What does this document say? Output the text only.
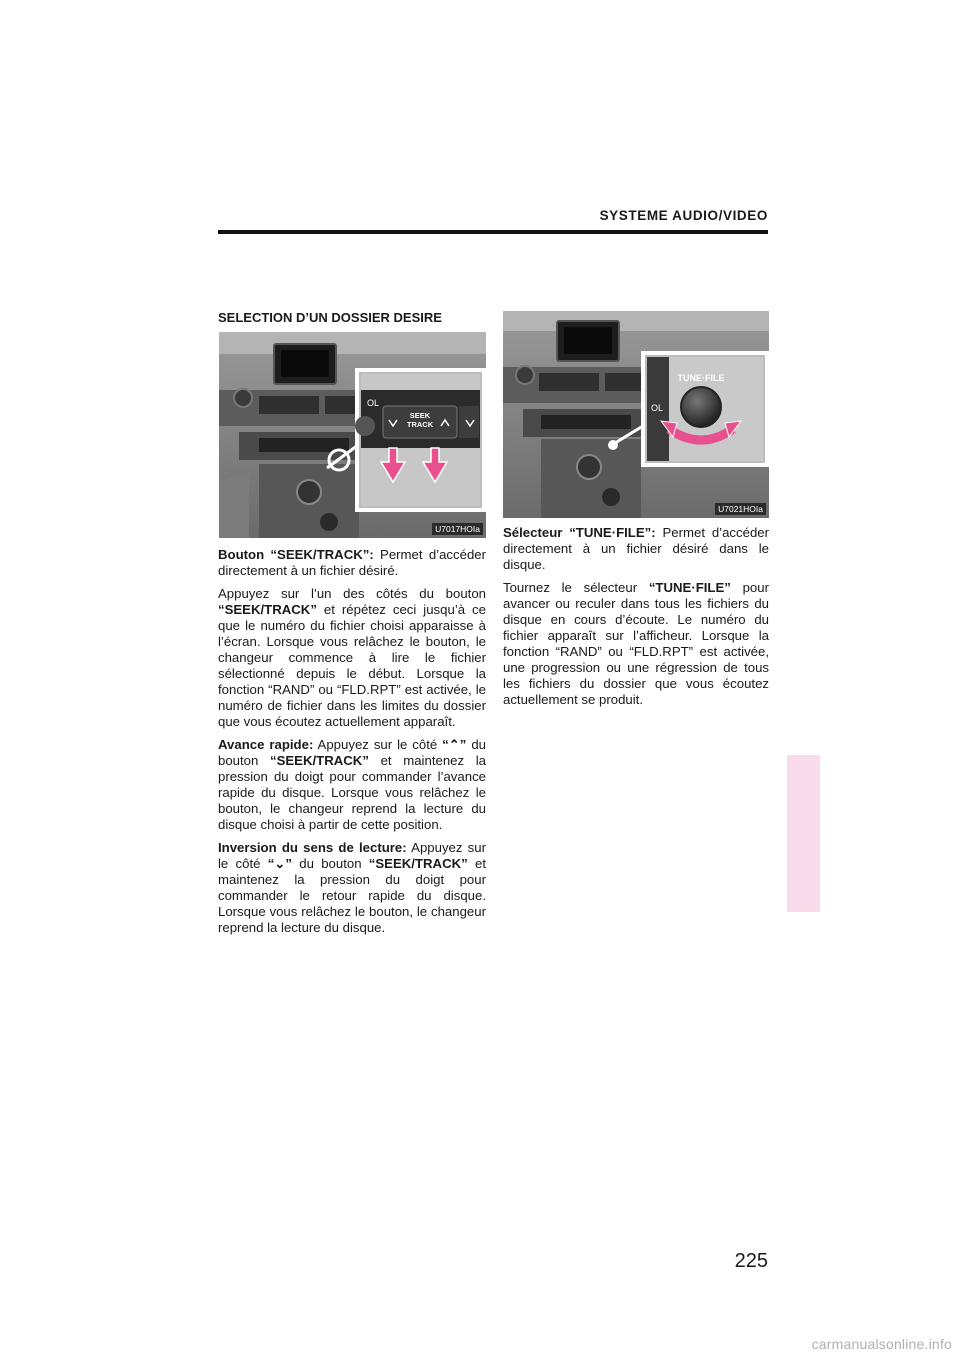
SYSTEME AUDIO/VIDEO
SELECTION D’UN DOSSIER DESIRE
OL
SEEK
TRACK
U7017HOIa
OL
TUNE·FILE
U7021HOIa

Bouton “SEEK/TRACK”: Permet d’accéder directement à un fichier désiré.

Appuyez sur l’un des côtés du bouton “SEEK/TRACK” et répétez ceci jusqu’à ce que le numéro du fichier choisi apparaisse à l’écran. Lorsque vous relâchez le bouton, le changeur commence à lire le fichier sélectionné depuis le début. Lorsque la fonction “RAND” ou “FLD.RPT” est activée, le numéro de fichier dans les limites du dossier que vous écoutez actuellement apparaît.

Avance rapide: Appuyez sur le côté “⌃” du bouton “SEEK/TRACK” et maintenez la pression du doigt pour commander l’avance rapide du disque. Lorsque vous relâchez le bouton, le changeur reprend la lecture du disque choisi à partir de cette position.

Inversion du sens de lecture: Appuyez sur le côté “⌄” du bouton “SEEK/TRACK” et maintenez la pression du doigt pour commander le retour rapide du disque. Lorsque vous relâchez le bouton, le changeur reprend la lecture du disque.

Sélecteur “TUNE·FILE”: Permet d’accéder directement à un fichier désiré dans le disque.

Tournez le sélecteur “TUNE·FILE” pour avancer ou reculer dans tous les fichiers du disque en cours d’écoute. Le numéro du fichier apparaît sur l’afficheur. Lorsque la fonction “RAND” ou “FLD.RPT” est activée, une progression ou une régression de tous les fichiers du dossier que vous écoutez actuellement se produit.

225
carmanualsonline.info
